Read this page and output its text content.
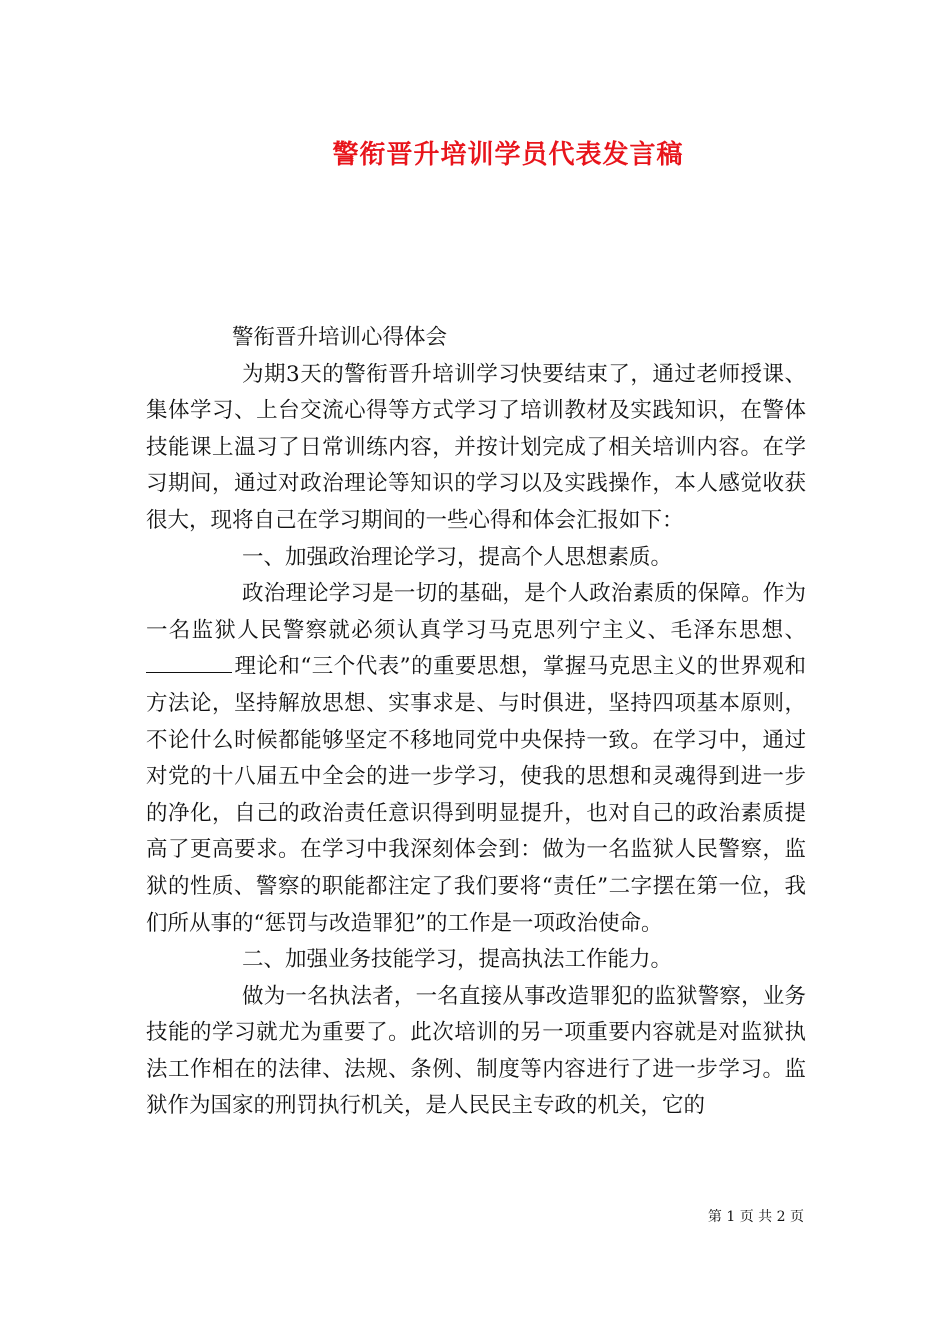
警衔晋升培训学员代表发言稿

警衔晋升培训心得体会

为期3天的警衔晋升培训学习快要结束了，通过老师授课、集体学习、上台交流心得等方式学习了培训教材及实践知识，在警体技能课上温习了日常训练内容，并按计划完成了相关培训内容。在学习期间，通过对政治理论等知识的学习以及实践操作，本人感觉收获很大，现将自己在学习期间的一些心得和体会汇报如下：

一、加强政治理论学习，提高个人思想素质。

政治理论学习是一切的基础，是个人政治素质的保障。作为一名监狱人民警察就必须认真学习马克思列宁主义、毛泽东思想、理论和“三个代表”的重要思想，掌握马克思主义的世界观和方法论，坚持解放思想、实事求是、与时俱进，坚持四项基本原则，不论什么时候都能够坚定不移地同党中央保持一致。在学习中，通过对党的十八届五中全会的进一步学习，使我的思想和灵魂得到进一步的净化，自己的政治责任意识得到明显提升，也对自己的政治素质提高了更高要求。在学习中我深刻体会到：做为一名监狱人民警察，监狱的性质、警察的职能都注定了我们要将“责任”二字摆在第一位，我们所从事的“惩罚与改造罪犯”的工作是一项政治使命。

二、加强业务技能学习，提高执法工作能力。

做为一名执法者，一名直接从事改造罪犯的监狱警察，业务技能的学习就尤为重要了。此次培训的另一项重要内容就是对监狱执法工作相在的法律、法规、条例、制度等内容进行了进一步学习。监狱作为国家的刑罚执行机关，是人民民主专政的机关，它的

第 1 页 共 2 页
